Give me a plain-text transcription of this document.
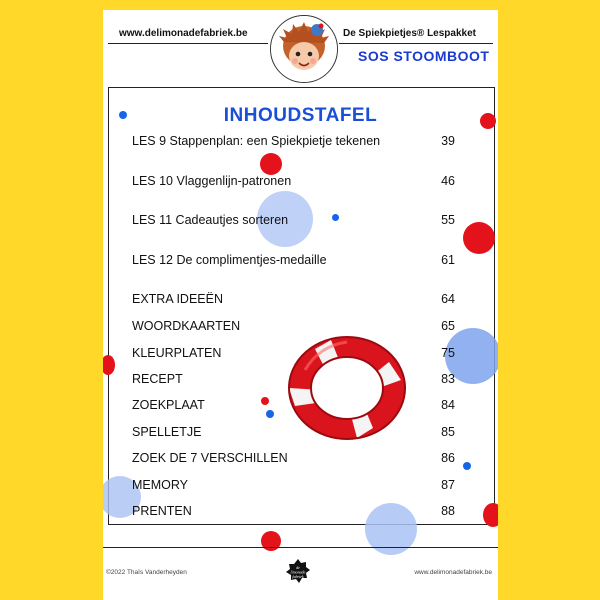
www.delimonadefabriek.be	De Spiekpietjes® Lespakket
SOS STOOMBOOT
INHOUDSTAFEL
LES 9 Stappenplan: een Spiekpietje tekenen	39
LES 10 Vlaggenlijn-patronen	46
LES 11 Cadeautjes sorteren	55
LES 12 De complimentjes-medaille	61
EXTRA IDEEËN	64
WOORDKAARTEN	65
KLEURPLATEN	75
RECEPT	83
ZOEKPLAAT	84
SPELLETJE	85
ZOEK DE 7 VERSCHILLEN	86
MEMORY	87
PRENTEN	88
©2022 Thaïs Vanderheyden
de
limonade
fabriek
www.delimonadefabriek.be
